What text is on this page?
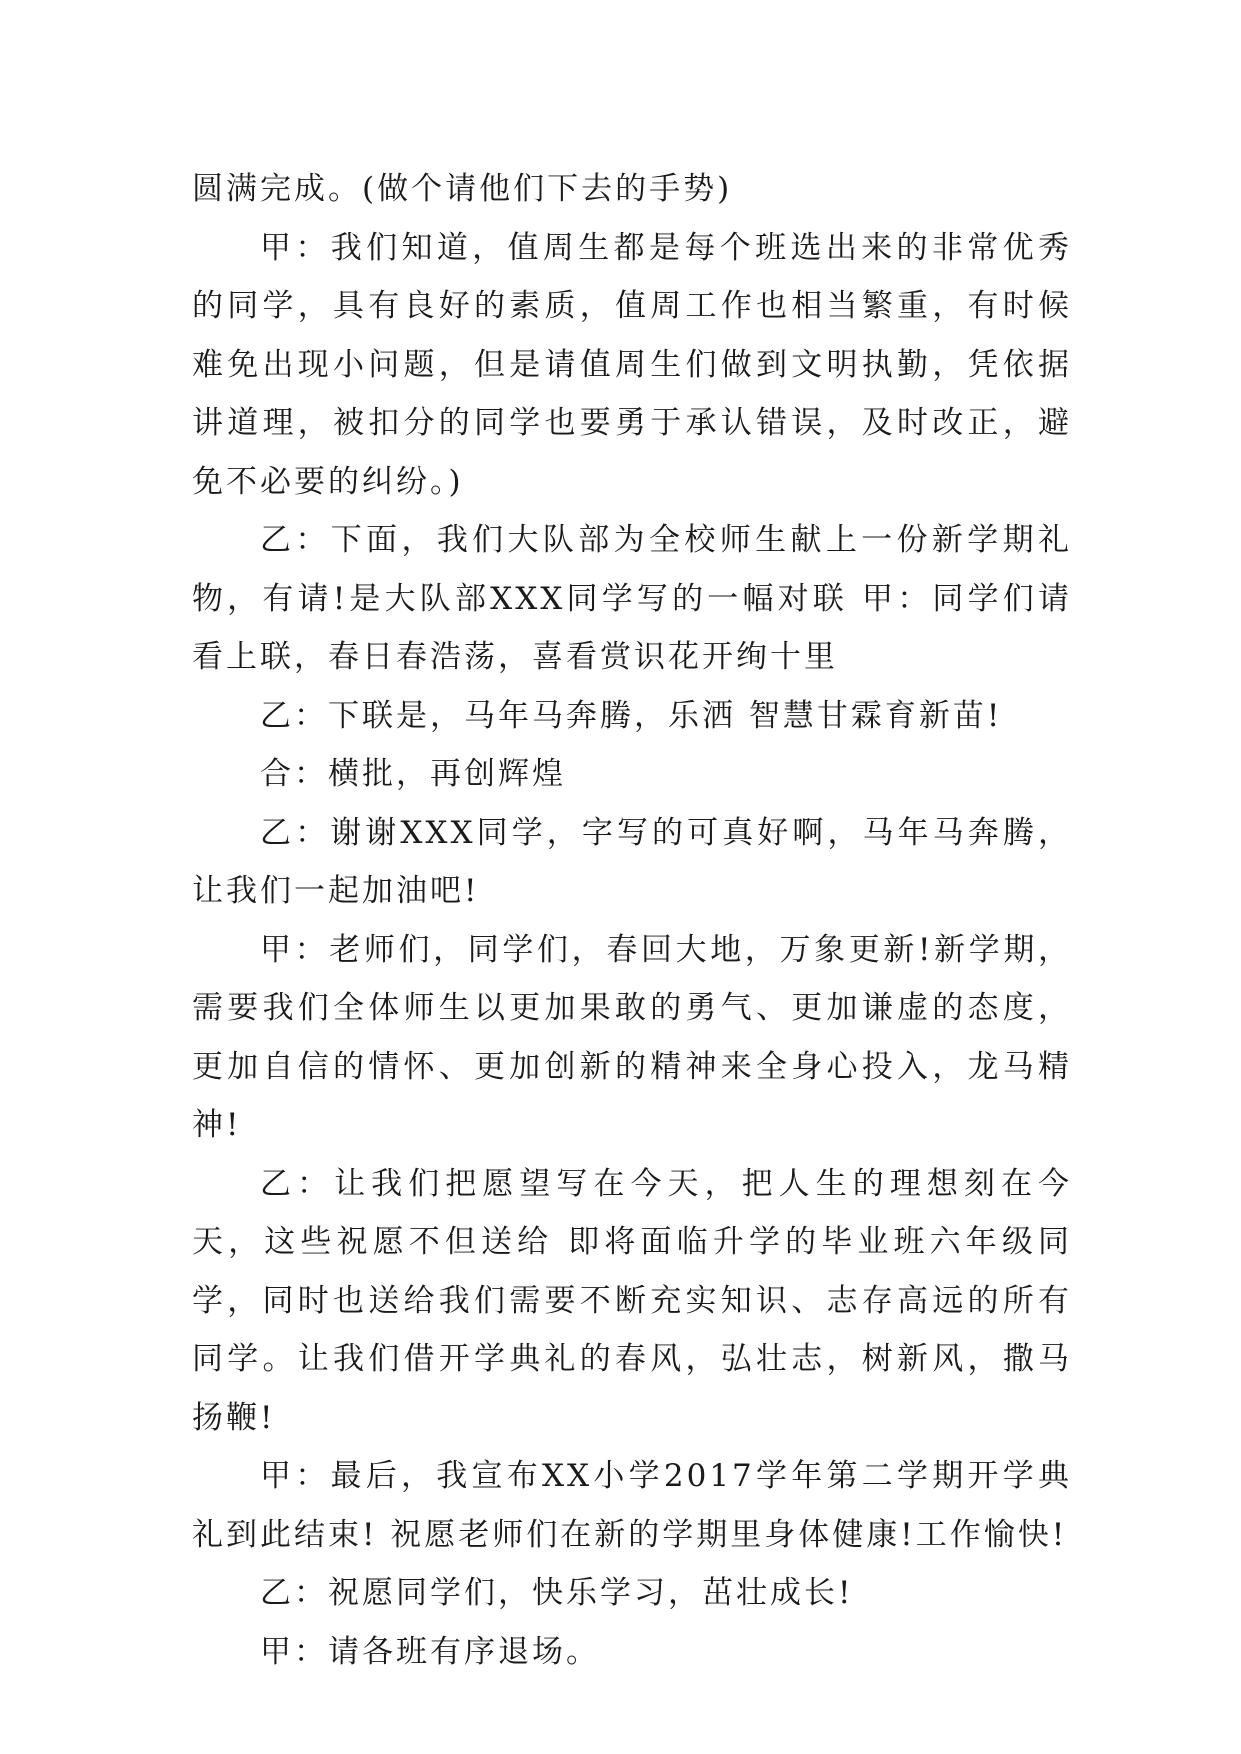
圆满完成。(做个请他们下去的手势)

甲：我们知道，值周生都是每个班选出来的非常优秀的同学，具有良好的素质，值周工作也相当繁重，有时候难免出现小问题，但是请值周生们做到文明执勤，凭依据讲道理，被扣分的同学也要勇于承认错误，及时改正，避免不必要的纠纷。)

乙：下面，我们大队部为全校师生献上一份新学期礼物，有请!是大队部XXX同学写的一幅对联 甲：同学们请看上联，春日春浩荡，喜看赏识花开绚十里

乙：下联是，马年马奔腾，乐洒 智慧甘霖育新苗!

合：横批，再创辉煌

乙：谢谢XXX同学，字写的可真好啊，马年马奔腾，让我们一起加油吧!

甲：老师们，同学们，春回大地，万象更新!新学期，需要我们全体师生以更加果敢的勇气、更加谦虚的态度，更加自信的情怀、更加创新的精神来全身心投入，龙马精神!

乙：让我们把愿望写在今天，把人生的理想刻在今天，这些祝愿不但送给 即将面临升学的毕业班六年级同学，同时也送给我们需要不断充实知识、志存高远的所有同学。让我们借开学典礼的春风，弘壮志，树新风，撒马扬鞭!

甲：最后，我宣布XX小学2017学年第二学期开学典礼到此结束! 祝愿老师们在新的学期里身体健康!工作愉快!

乙：祝愿同学们，快乐学习，茁壮成长!

甲：请各班有序退场。
